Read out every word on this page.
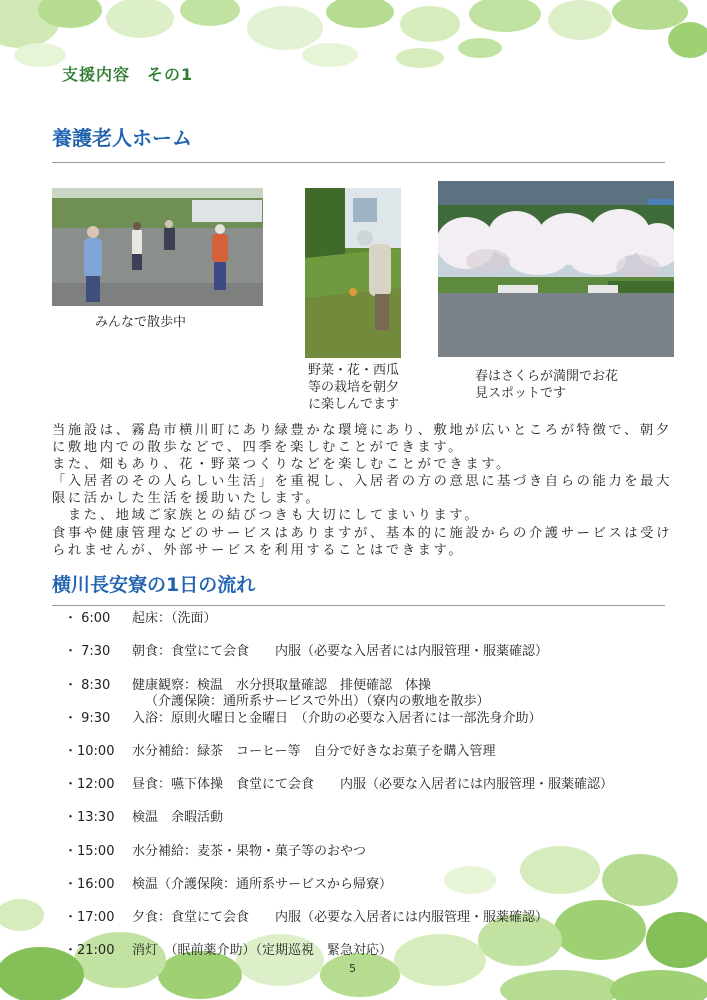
支援内容　その1
養護老人ホーム
みんなで散歩中
野菜・花・西瓜
等の栽培を朝夕
に楽しんでます
春はさくらが満開でお花
見スポットです

当施設は、霧島市横川町にあり緑豊かな環境にあり、敷地が広いところが特徴で、朝夕に敷地内での散歩などで、四季を楽しむことができます。

また、畑もあり、花・野菜つくりなどを楽しむことができます。

「入居者のその人らしい生活」を重視し、入居者の方の意思に基づき自らの能力を最大限に活かした生活を援助いたします。

　また、地域ご家族との結びつきも大切にしてまいります。

食事や健康管理などのサービスはありますが、基本的に施設からの介護サービスは受けられませんが、外部サービスを利用することはできます。

横川長安寮の1日の流れ
・ 6:00 起床：（洗面）
・ 7:30 朝食：食堂にて会食　　内服（必要な入居者には内服管理・服薬確認）
・ 8:30 健康観察：検温　水分摂取量確認　排便確認　体操
（介護保険：通所系サービスで外出）（寮内の敷地を散歩）
・ 9:30 入浴：原則火曜日と金曜日　（介助の必要な入居者には一部洗身介助）
・10:00 水分補給：緑茶　コーヒー等　自分で好きなお菓子を購入管理
・12:00 昼食：嚥下体操　食堂にて会食　　内服（必要な入居者には内服管理・服薬確認）
・13:30 検温　余暇活動
・15:00 水分補給：麦茶・果物・菓子等のおやつ
・16:00 検温（介護保険：通所系サービスから帰寮）
・17:00 夕食：食堂にて会食　　内服（必要な入居者には内服管理・服薬確認）
・21:00 消灯　（眠前薬介助）（定期巡視　緊急対応）
5
